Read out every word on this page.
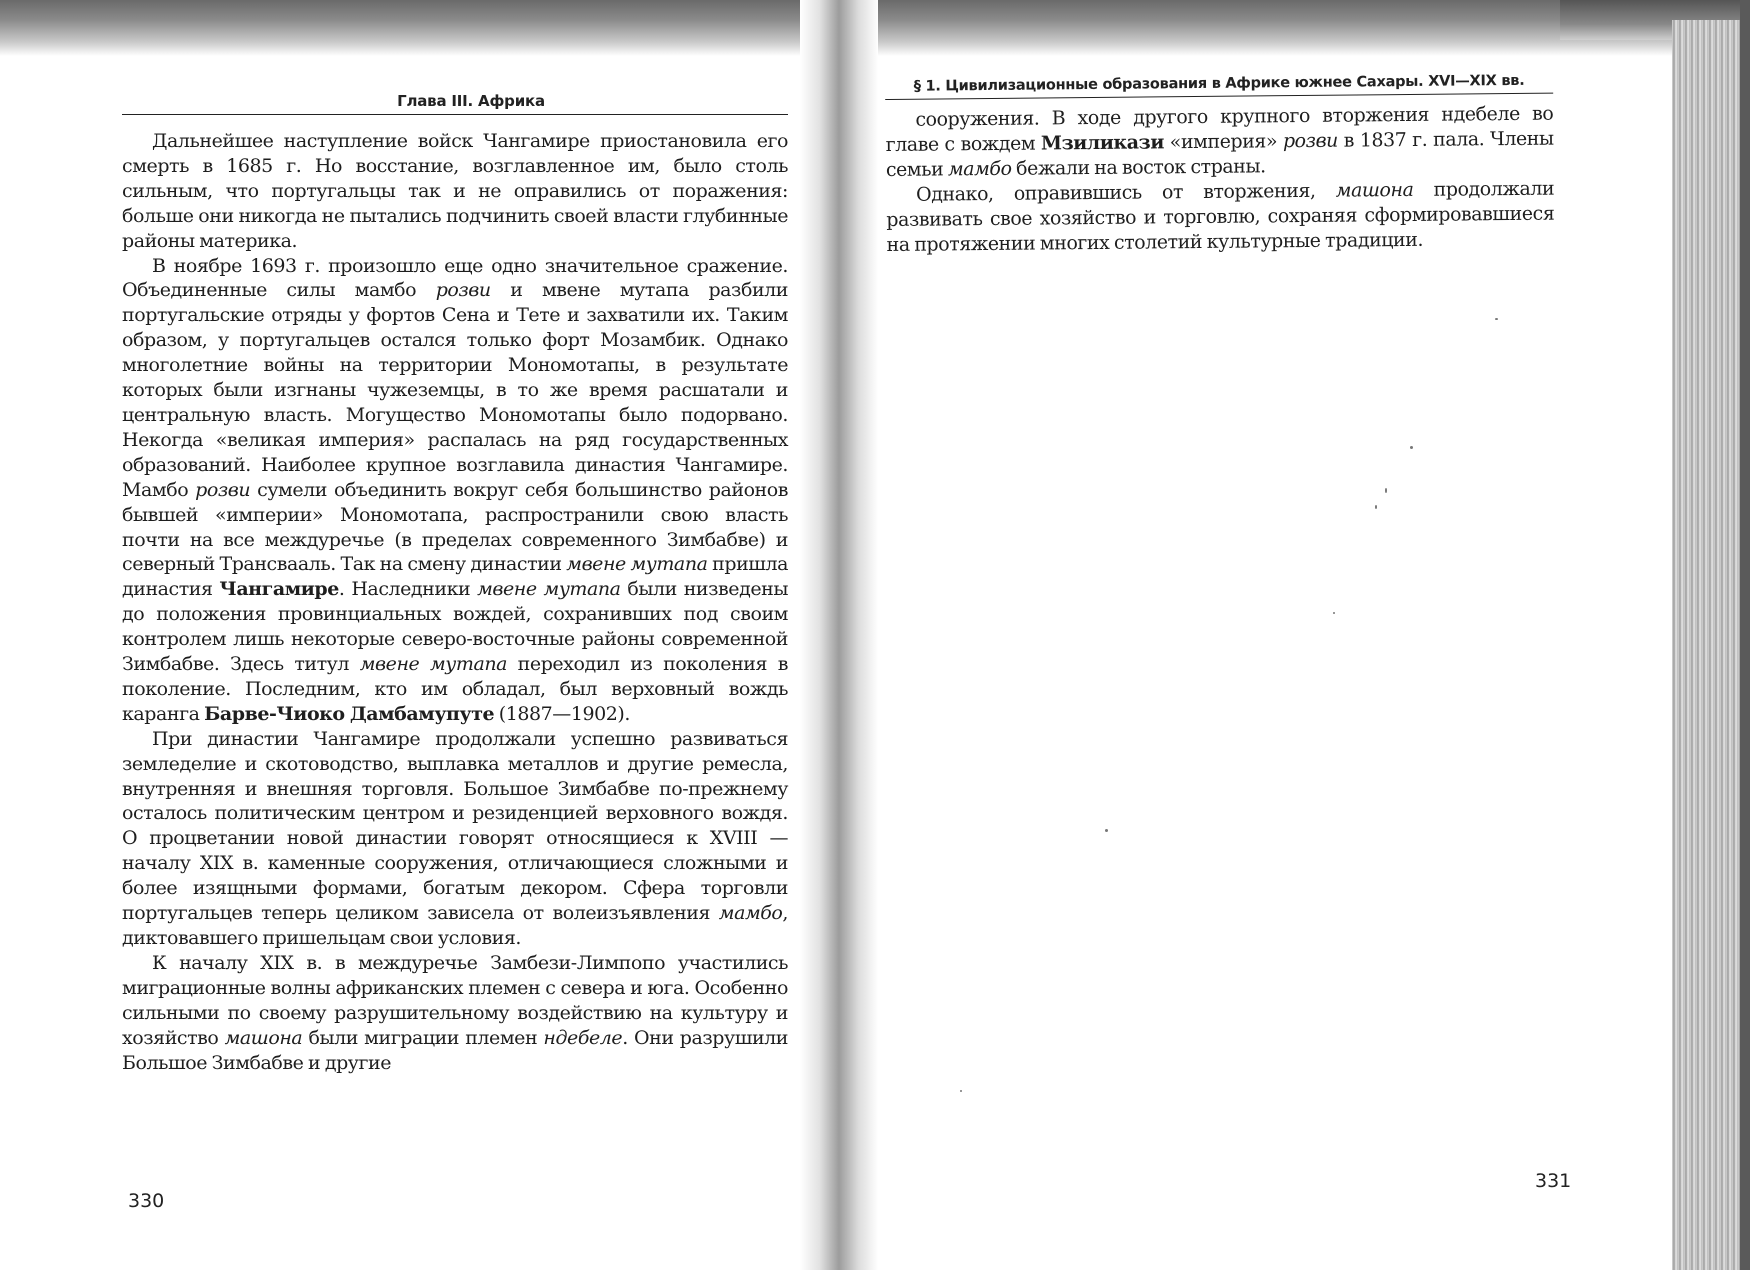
Глава III. Африка

Дальнейшее наступление войск Чангамире приостановила его смерть в 1685 г. Но восстание, возглавленное им, было столь сильным, что португальцы так и не оправились от поражения: больше они никогда не пытались подчинить своей власти глубинные районы материка.

В ноябре 1693 г. произошло еще одно значительное сражение. Объединенные силы мамбо розви и мвене мутапа разбили португальские отряды у фортов Сена и Тете и захватили их. Таким образом, у португальцев остался только форт Мозамбик. Однако многолетние войны на территории Мономотапы, в результате которых были изгнаны чужеземцы, в то же время расшатали и центральную власть. Могущество Мономотапы было подорвано. Некогда «великая империя» распалась на ряд государственных образований. Наиболее крупное возглавила династия Чангамире. Мамбо розви сумели объединить вокруг себя большинство районов бывшей «империи» Мономотапа, распространили свою власть почти на все междуречье (в пределах современного Зимбабве) и северный Трансвааль. Так на смену династии мвене мутапа пришла династия Чангамире. Наследники мвене мутапа были низведены до положения провинциальных вождей, сохранивших под своим контролем лишь некоторые северо-восточные районы современной Зимбабве. Здесь титул мвене мутапа переходил из поколения в поколение. Последним, кто им обладал, был верховный вождь каранга Барве-Чиоко Дамбамупуте (1887—1902).

При династии Чангамире продолжали успешно развиваться земледелие и скотоводство, выплавка металлов и другие ремесла, внутренняя и внешняя торговля. Большое Зимбабве по-прежнему осталось политическим центром и резиденцией верховного вождя. О процветании новой династии говорят относящиеся к XVIII — началу XIX в. каменные сооружения, отличающиеся сложными и более изящными формами, богатым декором. Сфера торговли португальцев теперь целиком зависела от волеизъявления мамбо, диктовавшего пришельцам свои условия.

К началу XIX в. в междуречье Замбези-Лимпопо участились миграционные волны африканских племен с севера и юга. Особенно сильными по своему разрушительному воздействию на культуру и хозяйство машона были миграции племен ндебеле. Они разрушили Большое Зимбабве и другие

§ 1. Цивилизационные образования в Африке южнее Сахары. XVI—XIX вв.

сооружения. В ходе другого крупного вторжения ндебеле во главе с вождем Мзиликази «империя» розви в 1837 г. пала. Члены семьи мамбо бежали на восток страны.

Однако, оправившись от вторжения, машона продолжали развивать свое хозяйство и торговлю, сохраняя сформировавшиеся на протяжении многих столетий культурные традиции.

330
331
